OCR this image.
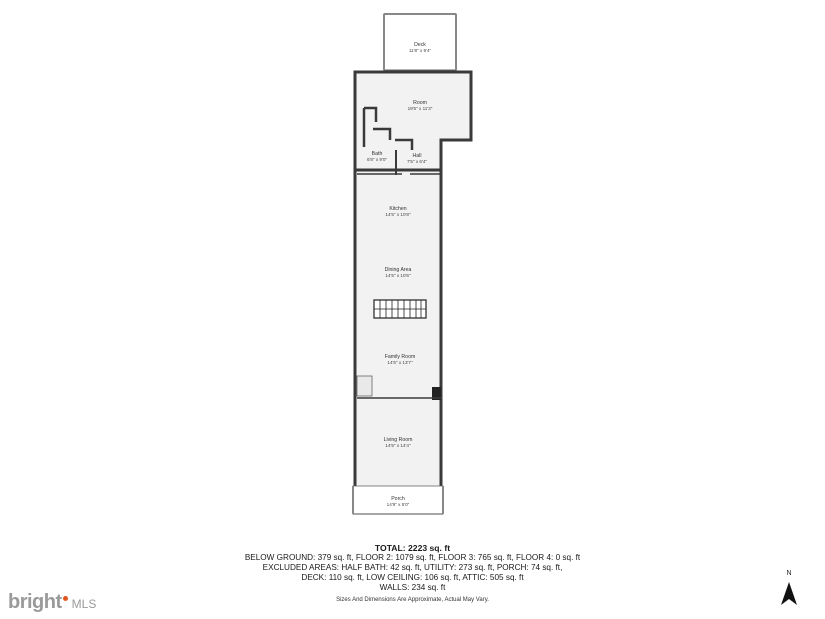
Deck
11'8" x 9'4"
Room
19'5" x 11'3"
Bath
6'8" x 9'0"
Hall
7'5" x 6'4"
Kitchen
14'5" x 10'8"
Dining Area
14'5" x 10'6"
Family Room
14'5" x 13'7"
Living Room
14'5" x 14'4"
Porch
14'9" x 5'0"
TOTAL: 2223 sq. ft
BELOW GROUND: 379 sq. ft, FLOOR 2: 1079 sq. ft, FLOOR 3: 765 sq. ft, FLOOR 4: 0 sq. ft
EXCLUDED AREAS: HALF BATH: 42 sq. ft, UTILITY: 273 sq. ft, PORCH: 74 sq. ft,
DECK: 110 sq. ft, LOW CEILING: 106 sq. ft, ATTIC: 505 sq. ft
WALLS: 234 sq. ft
Sizes And Dimensions Are Approximate, Actual May Vary.
bright MLS
N
